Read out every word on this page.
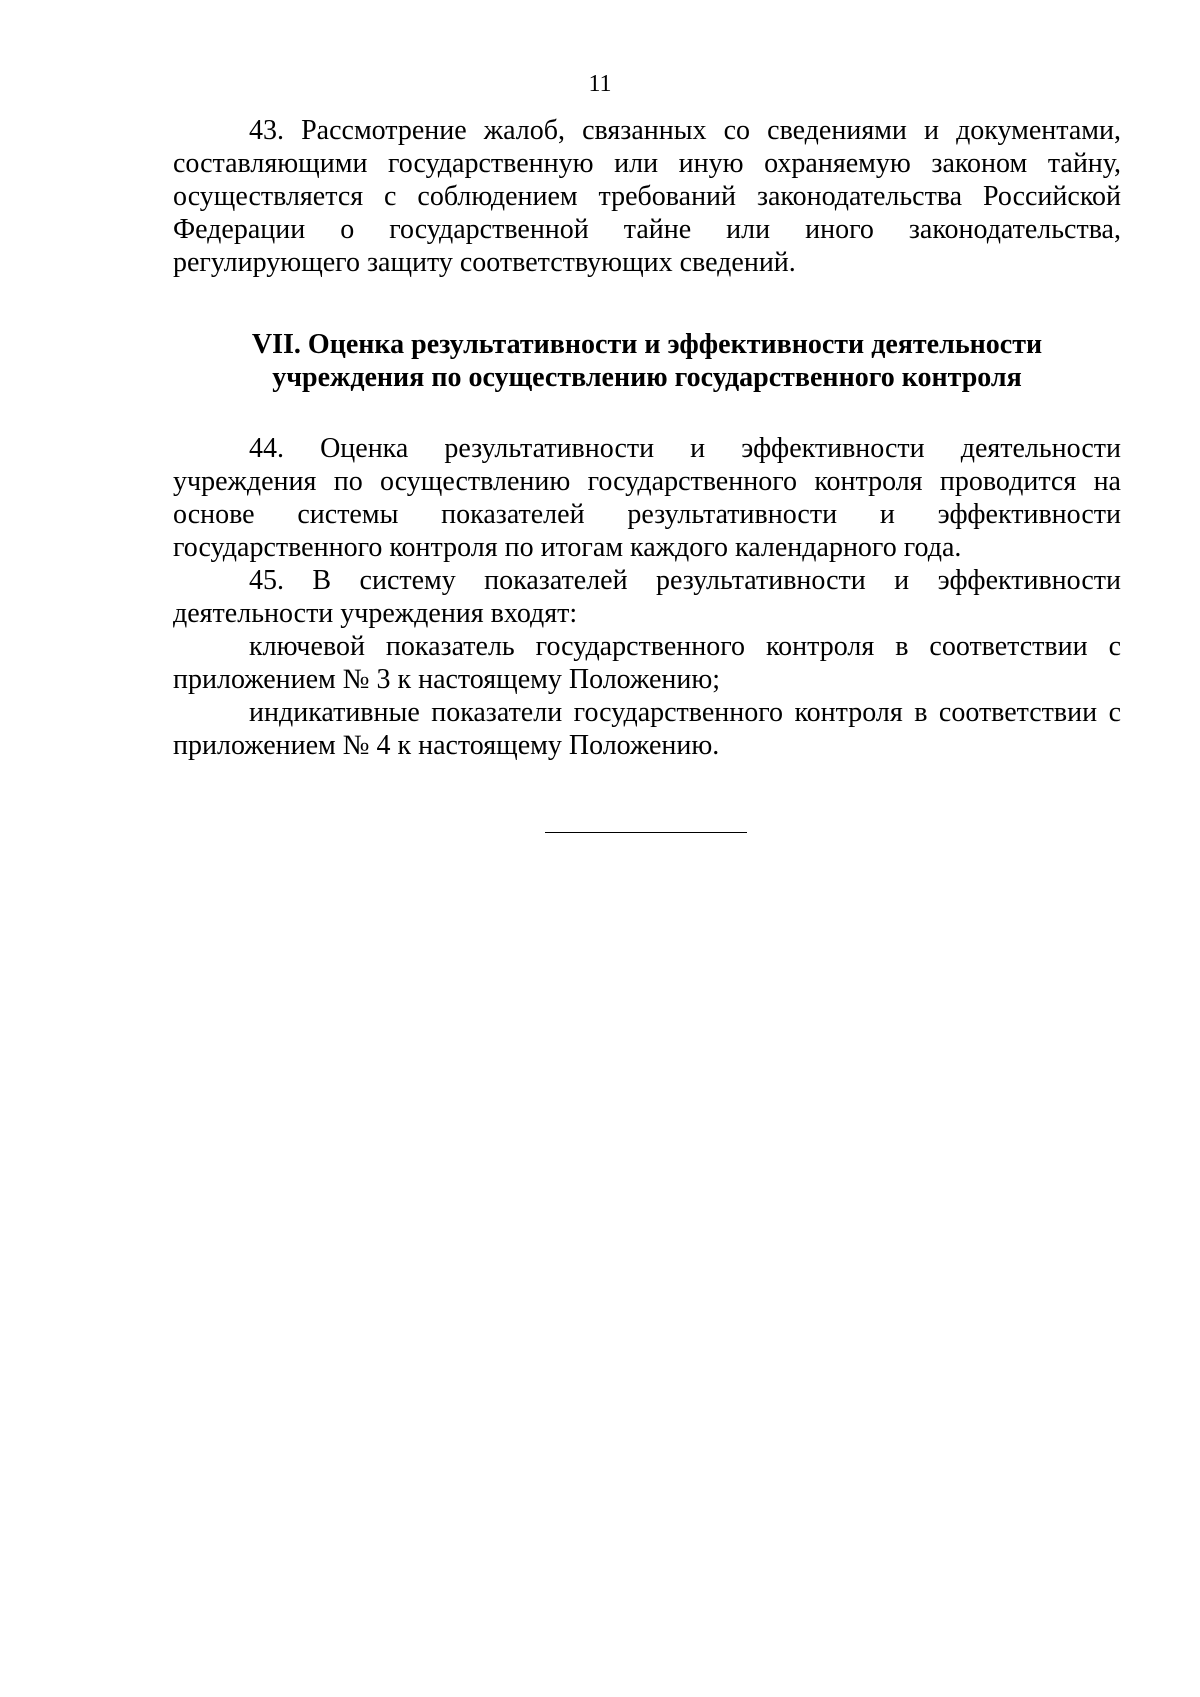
11

43. Рассмотрение жалоб, связанных со сведениями и документами, составляющими государственную или иную охраняемую законом тайну, осуществляется с соблюдением требований законодательства Российской Федерации о государственной тайне или иного законодательства, регулирующего защиту соответствующих сведений.

VII. Оценка результативности и эффективности деятельности
учреждения по осуществлению государственного контроля

44. Оценка результативности и эффективности деятельности учреждения по осуществлению государственного контроля проводится на основе системы показателей результативности и эффективности государственного контроля по итогам каждого календарного года.

45. В систему показателей результативности и эффективности деятельности учреждения входят:

ключевой показатель государственного контроля в соответствии с приложением № 3 к настоящему Положению;

индикативные показатели государственного контроля в соответствии с приложением № 4 к настоящему Положению.
